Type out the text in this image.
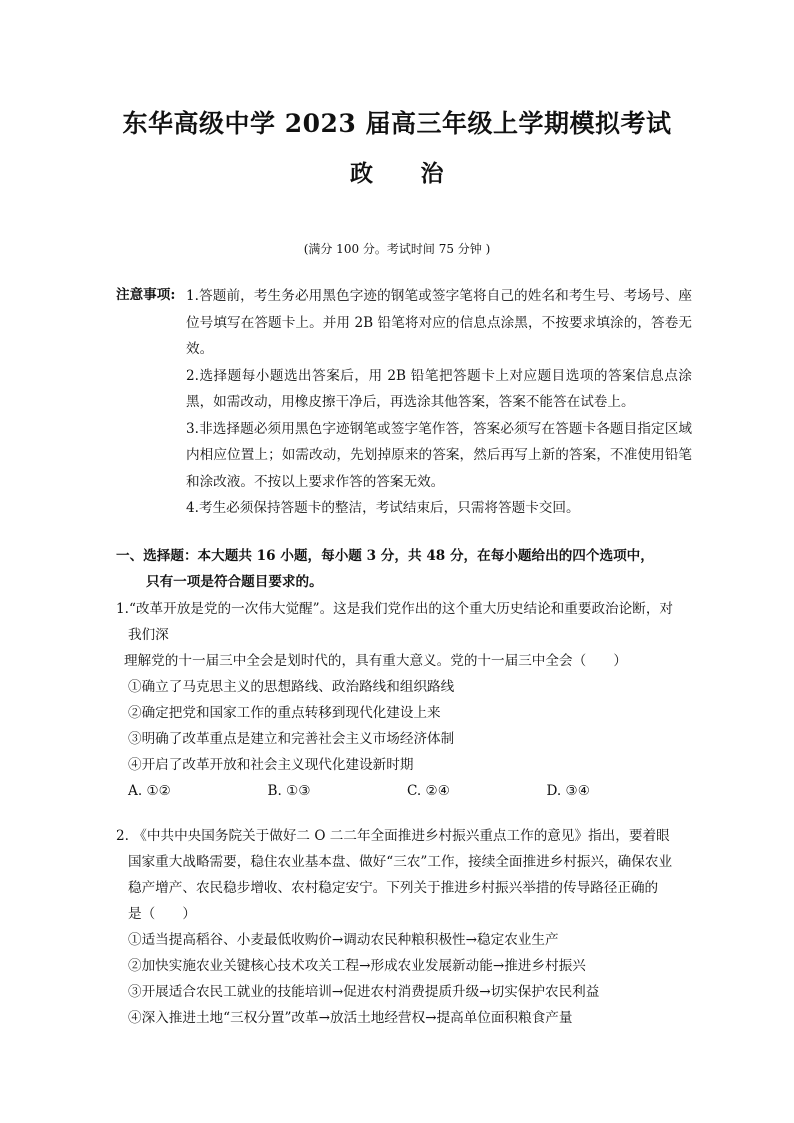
东华高级中学 2023 届高三年级上学期模拟考试
政 治
(满分 100 分。考试时间 75 分钟 )
注意事项: 1.答题前，考生务必用黑色字迹的钢笔或签字笔将自己的姓名和考生号、考场号、座位号填写在答题卡上。并用 2B 铅笔将对应的信息点涂黑，不按要求填涂的，答卷无效。
2.选择题每小题选出答案后，用 2B 铅笔把答题卡上对应题目选项的答案信息点涂黑，如需改动，用橡皮擦干净后，再选涂其他答案，答案不能答在试卷上。
3.非选择题必须用黑色字迹钢笔或签字笔作答，答案必须写在答题卡各题目指定区域内相应位置上；如需改动，先划掉原来的答案，然后再写上新的答案，不准使用铅笔和涂改液。不按以上要求作答的答案无效。
4.考生必须保持答题卡的整洁，考试结束后，只需将答题卡交回。
一、选择题：本大题共 16 小题，每小题 3 分，共 48 分，在每小题给出的四个选项中，
只有一项是符合题目要求的。
1.“改革开放是党的一次伟大觉醒”。这是我们党作出的这个重大历史结论和重要政治论断，对
我们深
理解党的十一届三中全会是划时代的，具有重大意义。党的十一届三中全会（　　）
①确立了马克思主义的思想路线、政治路线和组织路线
②确定把党和国家工作的重点转移到现代化建设上来
③明确了改革重点是建立和完善社会主义市场经济体制
④开启了改革开放和社会主义现代化建设新时期
A. ①②	B. ①③	C. ②④	D. ③④
2. 《中共中央国务院关于做好二 O 二二年全面推进乡村振兴重点工作的意见》指出，要着眼
国家重大战略需要，稳住农业基本盘、做好“三农”工作，接续全面推进乡村振兴，确保农业
稳产增产、农民稳步增收、农村稳定安宁。下列关于推进乡村振兴举措的传导路径正确的
是（　　）
①适当提高稻谷、小麦最低收购价→调动农民种粮积极性→稳定农业生产
②加快实施农业关键核心技术攻关工程→形成农业发展新动能→推进乡村振兴
③开展适合农民工就业的技能培训→促进农村消费提质升级→切实保护农民利益
④深入推进土地“三权分置”改革→放活土地经营权→提高单位面积粮食产量
